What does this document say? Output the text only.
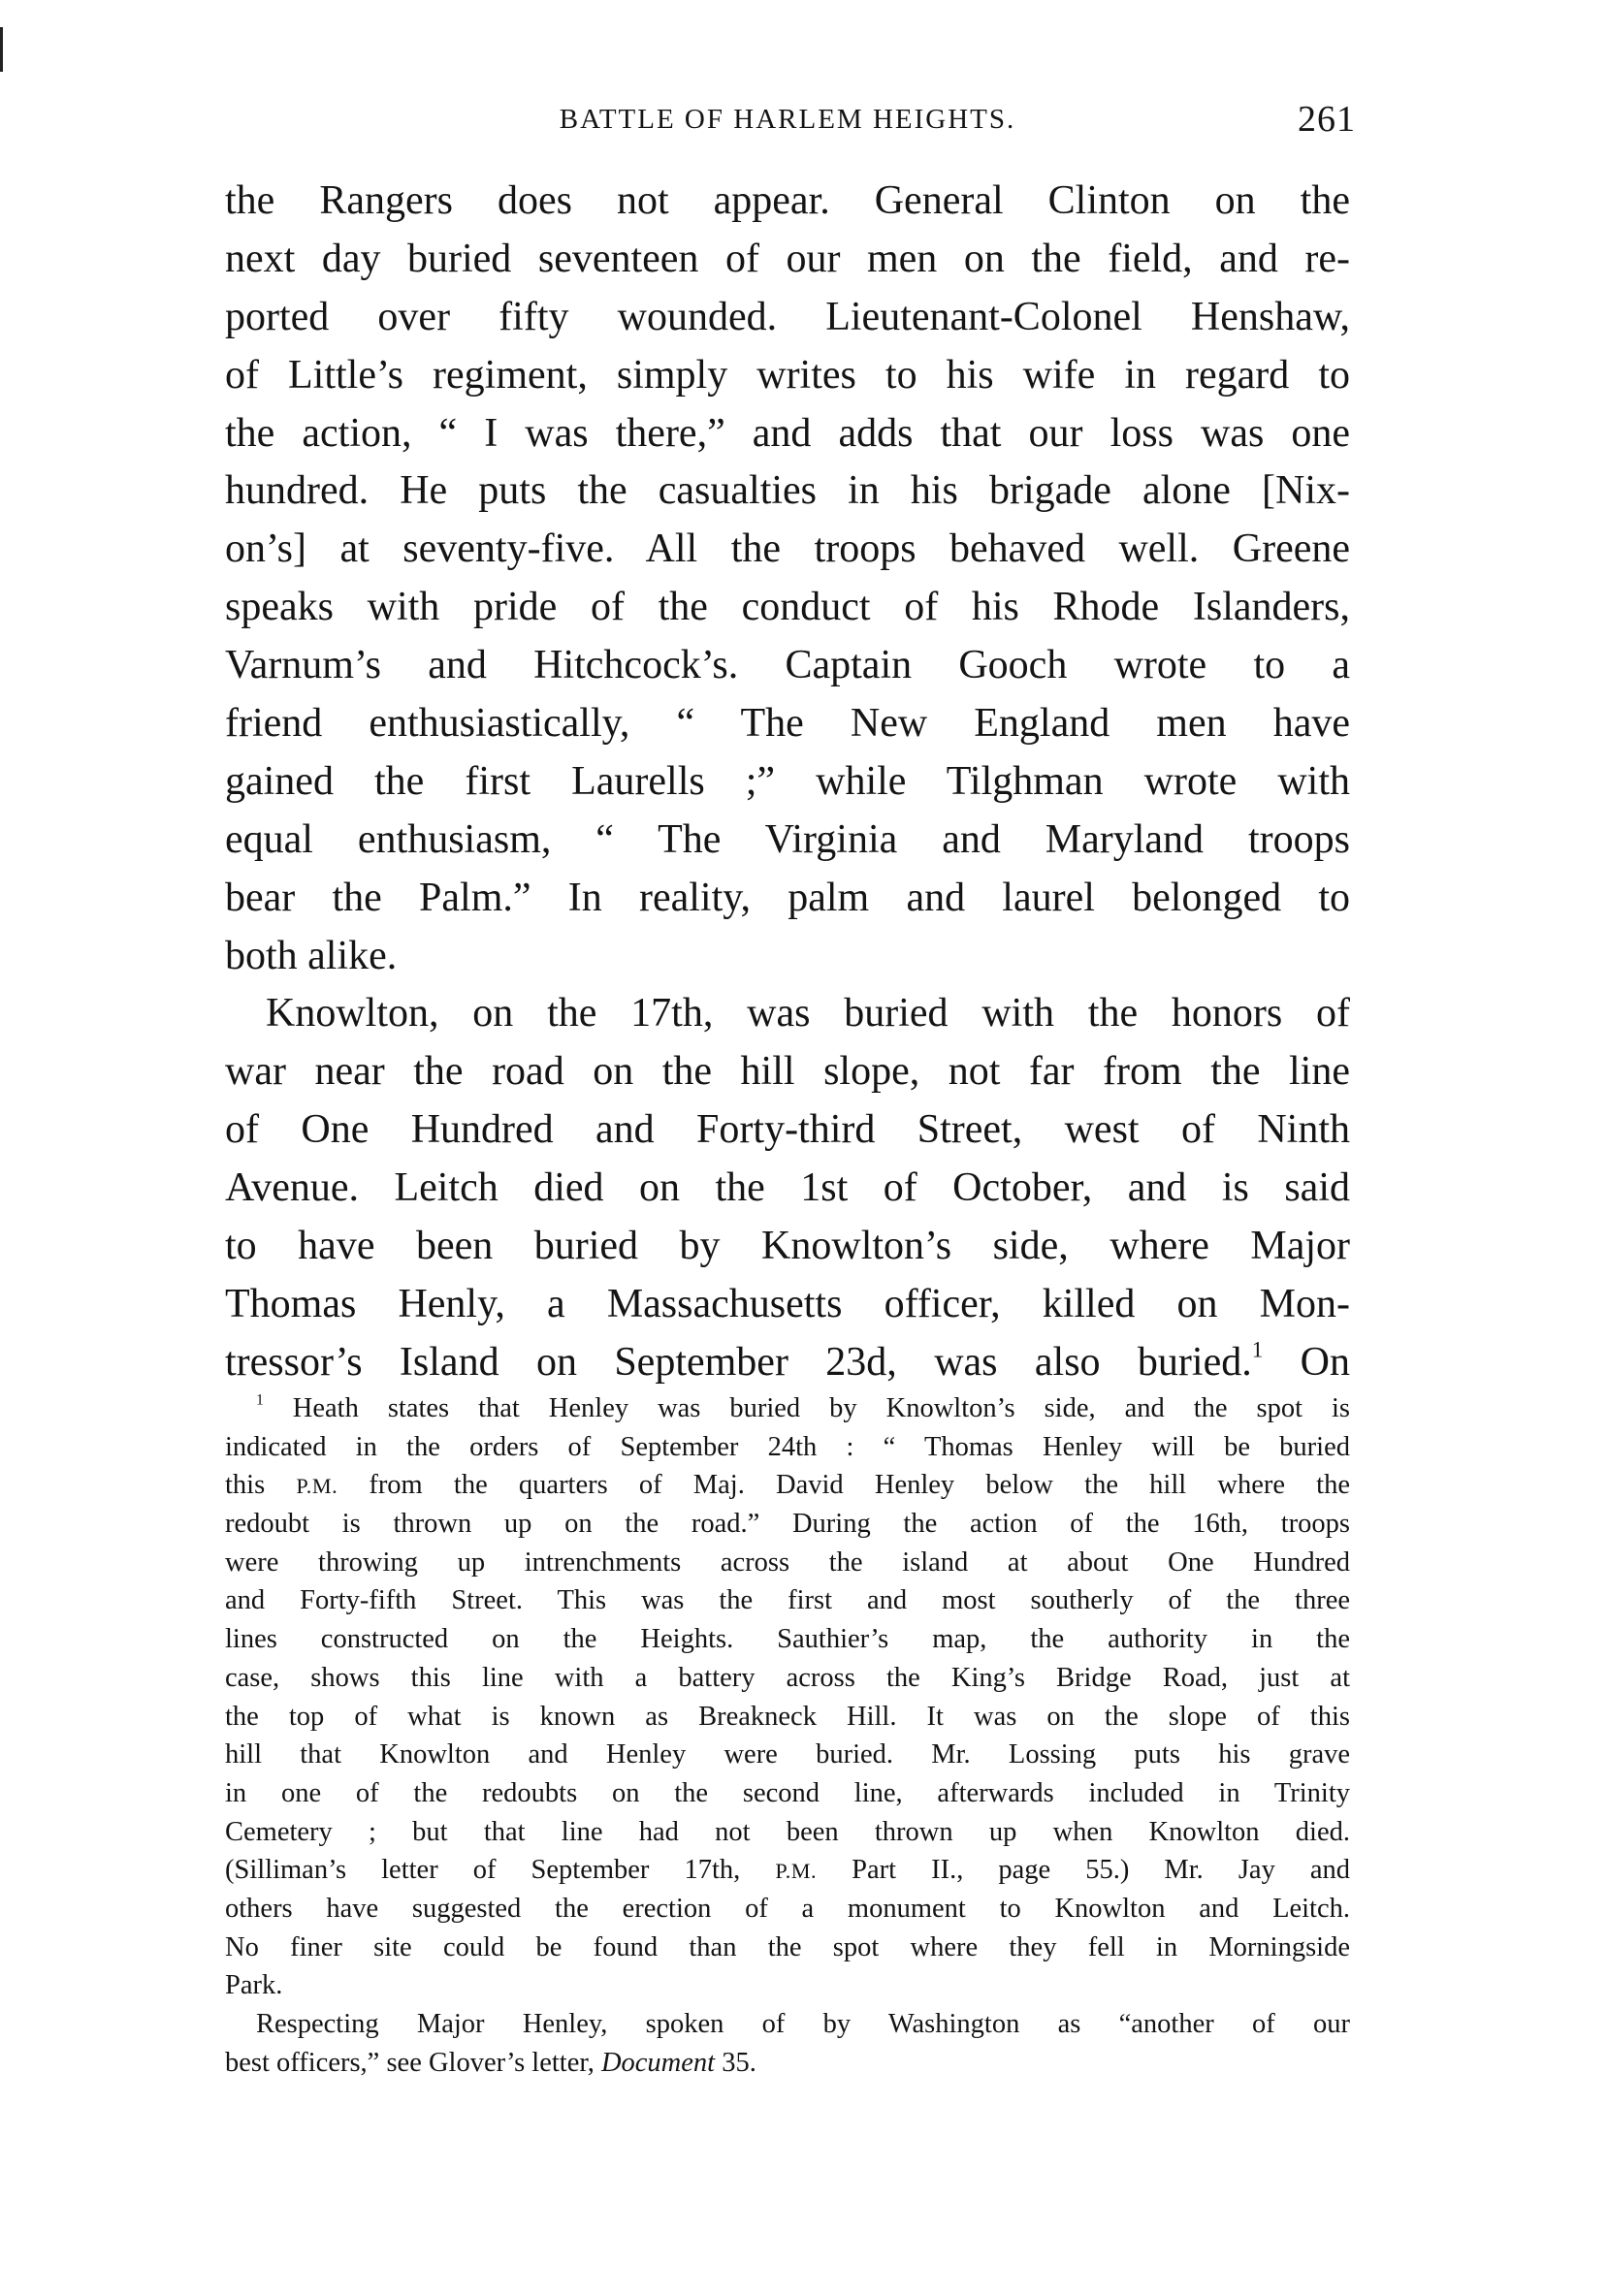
BATTLE OF HARLEM HEIGHTS.	261
the Rangers does not appear. General Clinton on the
next day buried seventeen of our men on the field, and re-
ported over fifty wounded. Lieutenant-Colonel Henshaw,
of Little’s regiment, simply writes to his wife in regard to
the action, “ I was there,” and adds that our loss was one
hundred. He puts the casualties in his brigade alone [Nix-
on’s] at seventy-five. All the troops behaved well. Greene
speaks with pride of the conduct of his Rhode Islanders,
Varnum’s and Hitchcock’s. Captain Gooch wrote to a
friend enthusiastically, “ The New England men have
gained the first Laurells ;” while Tilghman wrote with
equal enthusiasm, “ The Virginia and Maryland troops
bear the Palm.” In reality, palm and laurel belonged to
both alike.
Knowlton, on the 17th, was buried with the honors of
war near the road on the hill slope, not far from the line
of One Hundred and Forty-third Street, west of Ninth
Avenue. Leitch died on the 1st of October, and is said
to have been buried by Knowlton’s side, where Major
Thomas Henly, a Massachusetts officer, killed on Mon-
tressor’s Island on September 23d, was also buried.$^1$ On
$^1$ Heath states that Henley was buried by Knowlton’s side, and the spot is
indicated in the orders of September 24th : “ Thomas Henley will be buried
this P.M. from the quarters of Maj. David Henley below the hill where the
redoubt is thrown up on the road.” During the action of the 16th, troops
were throwing up intrenchments across the island at about One Hundred
and Forty-fifth Street. This was the first and most southerly of the three
lines constructed on the Heights. Sauthier’s map, the authority in the
case, shows this line with a battery across the King’s Bridge Road, just at
the top of what is known as Breakneck Hill. It was on the slope of this
hill that Knowlton and Henley were buried. Mr. Lossing puts his grave
in one of the redoubts on the second line, afterwards included in Trinity
Cemetery ; but that line had not been thrown up when Knowlton died.
(Silliman’s letter of September 17th, P.M. Part II., page 55.) Mr. Jay and
others have suggested the erection of a monument to Knowlton and Leitch.
No finer site could be found than the spot where they fell in Morningside
Park.
Respecting Major Henley, spoken of by Washington as “another of our
best officers,” see Glover’s letter, Document 35.
